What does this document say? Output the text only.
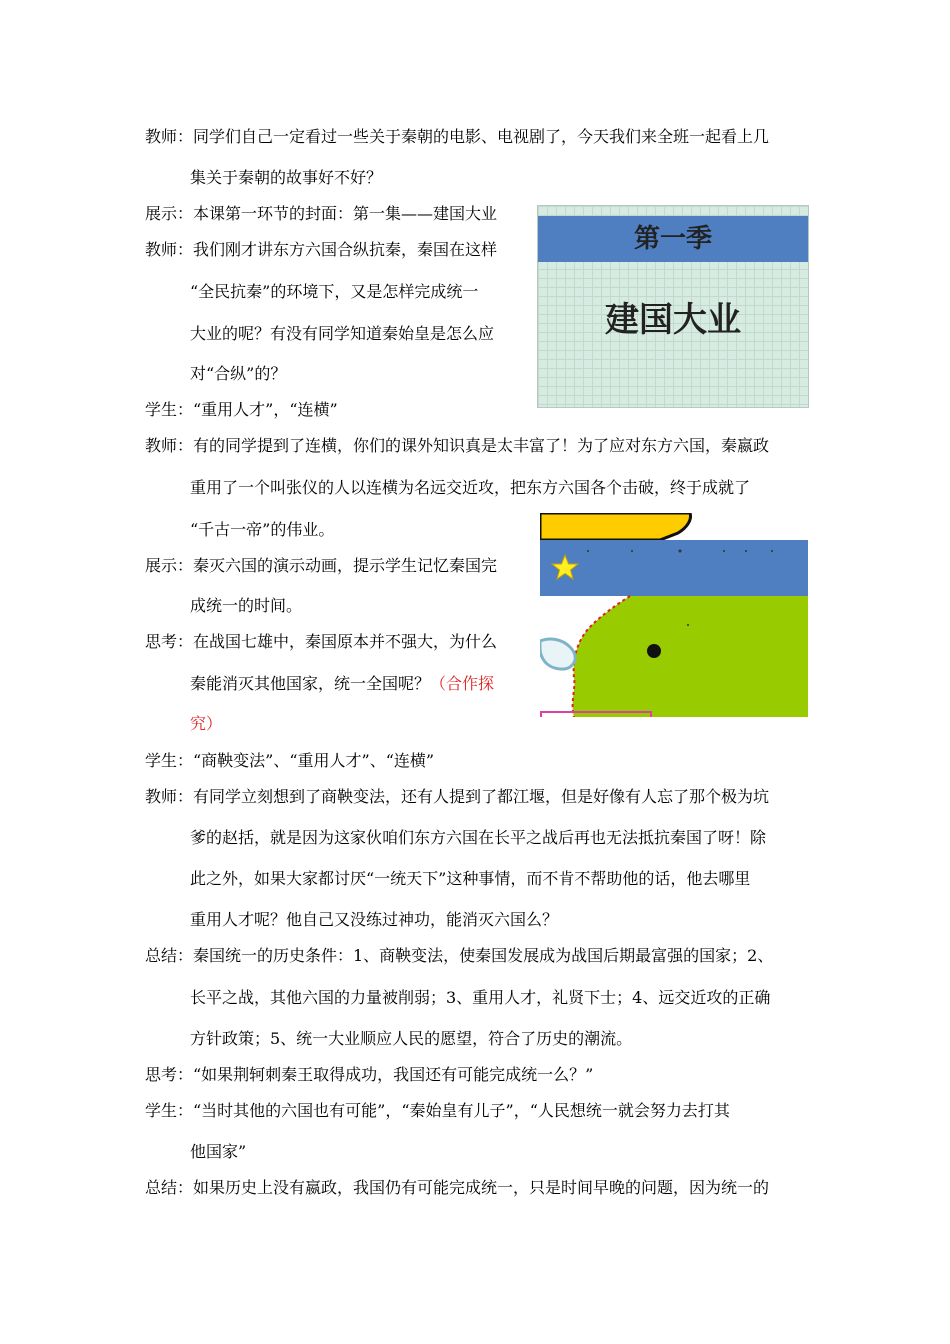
教师：同学们自己一定看过一些关于秦朝的电影、电视剧了，今天我们来全班一起看上几
集关于秦朝的故事好不好？
展示：本课第一环节的封面：第一集——建国大业
教师：我们刚才讲东方六国合纵抗秦，秦国在这样
“全民抗秦”的环境下，又是怎样完成统一
大业的呢？有没有同学知道秦始皇是怎么应
对“合纵”的？
学生：“重用人才”，“连横”
教师：有的同学提到了连横，你们的课外知识真是太丰富了！为了应对东方六国，秦嬴政
重用了一个叫张仪的人以连横为名远交近攻，把东方六国各个击破，终于成就了
“千古一帝”的伟业。
展示：秦灭六国的演示动画，提示学生记忆秦国完
成统一的时间。
思考：在战国七雄中，秦国原本并不强大，为什么
秦能消灭其他国家，统一全国呢？（合作探
究）
学生：“商鞅变法”、“重用人才”、“连横”
教师：有同学立刻想到了商鞅变法，还有人提到了都江堰，但是好像有人忘了那个极为坑
爹的赵括，就是因为这家伙咱们东方六国在长平之战后再也无法抵抗秦国了呀！除
此之外，如果大家都讨厌“一统天下”这种事情，而不肯不帮助他的话，他去哪里
重用人才呢？他自己又没练过神功，能消灭六国么？
总结：秦国统一的历史条件：1、商鞅变法，使秦国发展成为战国后期最富强的国家；2、
长平之战，其他六国的力量被削弱；3、重用人才，礼贤下士；4、远交近攻的正确
方针政策；5、统一大业顺应人民的愿望，符合了历史的潮流。
思考：“如果荆轲刺秦王取得成功，我国还有可能完成统一么？”
学生：“当时其他的六国也有可能”，“秦始皇有儿子”，“人民想统一就会努力去打其
他国家”
总结：如果历史上没有嬴政，我国仍有可能完成统一，只是时间早晚的问题，因为统一的
第一季
建国大业
